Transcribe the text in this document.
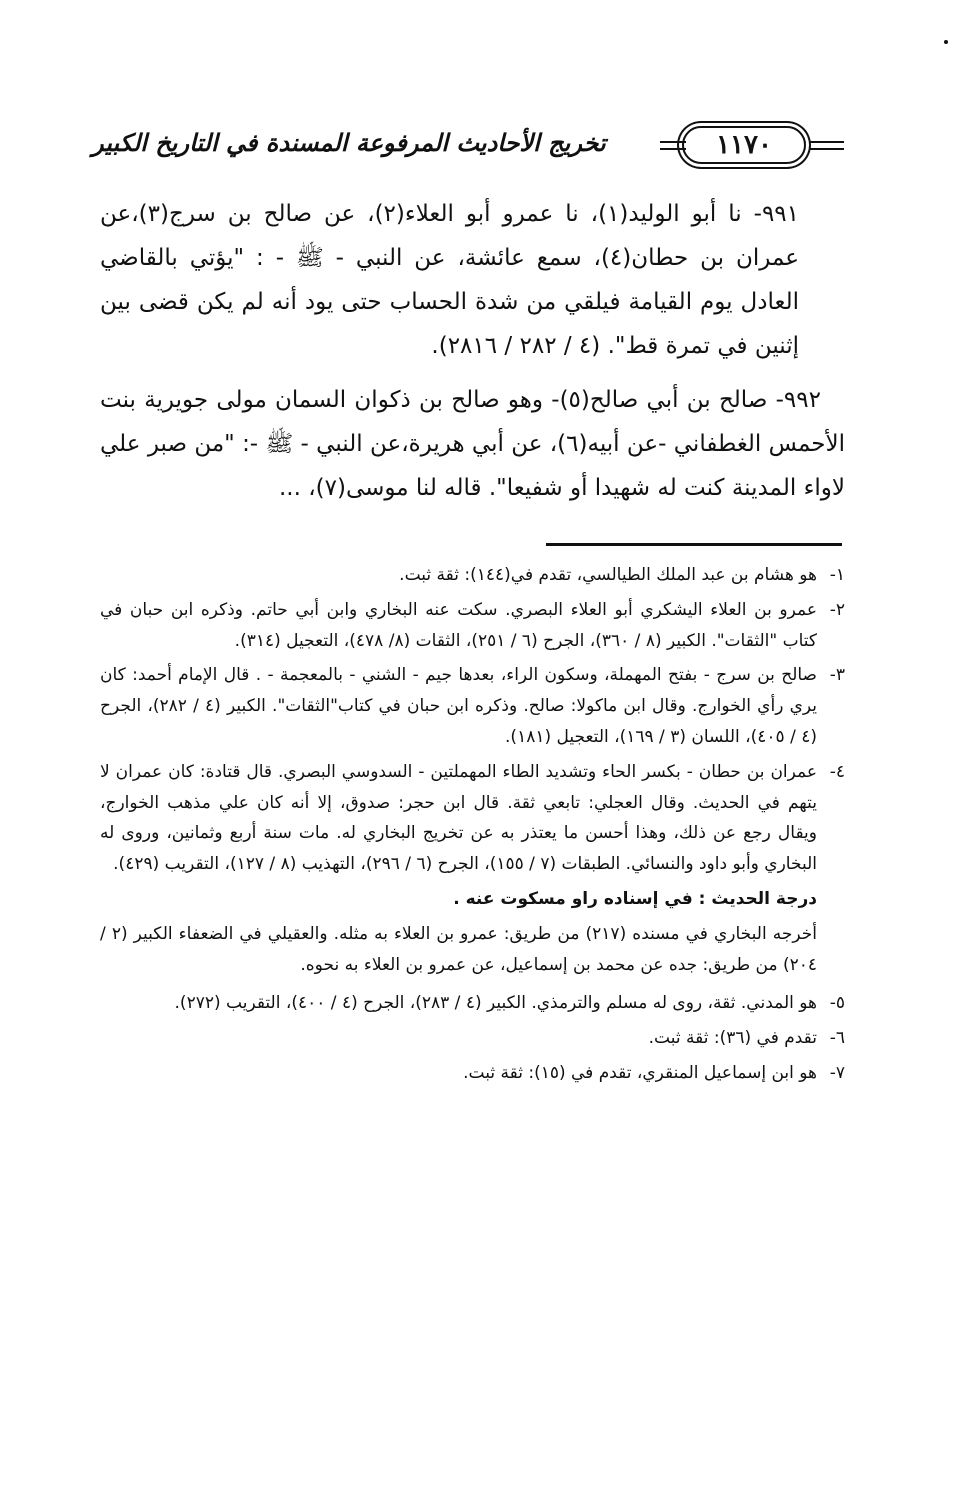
١١٧٠
تخريج الأحاديث المرفوعة المسندة في التاريخ الكبير

٩٩١- نا أبو الوليد(١)، نا عمرو أبو العلاء(٢)، عن صالح بن سرج(٣)،عن عمران بن حطان(٤)، سمع عائشة، عن النبي - ﷺ - : "يؤتي بالقاضي العادل يوم القيامة فيلقي من شدة الحساب حتى يود أنه لم يكن قضى بين إثنين في تمرة قط". (٤ / ٢٨٢ / ٢٨١٦).

٩٩٢- صالح بن أبي صالح(٥)- وهو صالح بن ذكوان السمان مولى جويرية بنت الأحمس الغطفاني -عن أبيه(٦)، عن أبي هريرة،عن النبي - ﷺ -: "من صبر علي لاواء المدينة كنت له شهيدا أو شفيعا". قاله لنا موسى(٧)، ...

١-
هو هشام بن عبد الملك الطيالسي، تقدم في(١٤٤): ثقة ثبت.
٢-
عمرو بن العلاء اليشكري أبو العلاء البصري. سكت عنه البخاري وابن أبي حاتم. وذكره ابن حبان في كتاب "الثقات". الكبير (٨ / ٣٦٠)، الجرح (٦ / ٢٥١)، الثقات (٨/ ٤٧٨)، التعجيل (٣١٤).
٣-
صالح بن سرج - بفتح المهملة، وسكون الراء، بعدها جيم - الشني - بالمعجمة - . قال الإمام أحمد: كان يري رأي الخوارج. وقال ابن ماكولا: صالح. وذكره ابن حبان في كتاب"الثقات". الكبير (٤ / ٢٨٢)، الجرح (٤ / ٤٠٥)، اللسان (٣ / ١٦٩)، التعجيل (١٨١).
٤-
عمران بن حطان - بكسر الحاء وتشديد الطاء المهملتين - السدوسي البصري. قال قتادة: كان عمران لا يتهم في الحديث. وقال العجلي: تابعي ثقة. قال ابن حجر: صدوق، إلا أنه كان علي مذهب الخوارج، ويقال رجع عن ذلك، وهذا أحسن ما يعتذر به عن تخريج البخاري له. مات سنة أربع وثمانين، وروى له البخاري وأبو داود والنسائي. الطبقات (٧ / ١٥٥)، الجرح (٦ / ٢٩٦)، التهذيب (٨ / ١٢٧)، التقريب (٤٢٩).

درجة الحديث : في إسناده راو مسكوت عنه .

أخرجه البخاري في مسنده (٢١٧) من طريق: عمرو بن العلاء به مثله. والعقيلي في الضعفاء الكبير (٢ / ٢٠٤) من طريق: جده عن محمد بن إسماعيل، عن عمرو بن العلاء به نحوه.

٥-
هو المدني. ثقة، روى له مسلم والترمذي. الكبير (٤ / ٢٨٣)، الجرح (٤ / ٤٠٠)، التقريب (٢٧٢).
٦-
تقدم في (٣٦): ثقة ثبت.
٧-
هو ابن إسماعيل المنقري، تقدم في (١٥): ثقة ثبت.
